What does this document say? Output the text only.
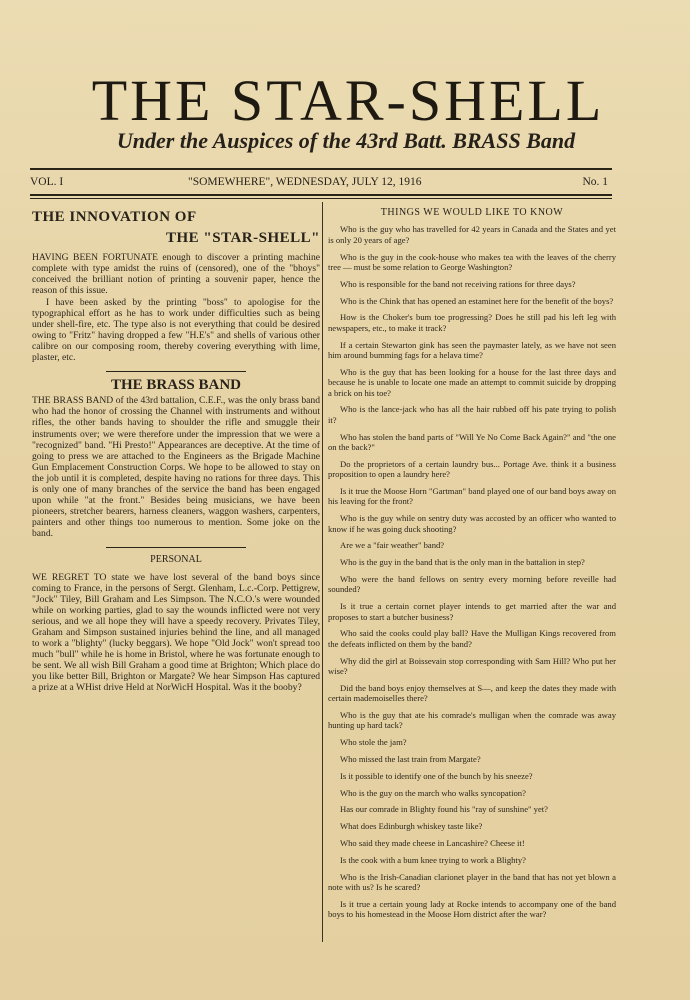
THE STAR-SHELL
Under the Auspices of the 43rd Batt. BRASS Band
VOL. I	"SOMEWHERE", WEDNESDAY, JULY 12, 1916	No. 1
THE INNOVATION OF
THE "STAR-SHELL"

HAVING BEEN FORTUNATE enough to discover a printing machine complete with type amidst the ruins of (censored), one of the "bhoys" conceived the brilliant notion of printing a souvenir paper, hence the reason of this issue.

I have been asked by the printing "boss" to apologise for the typographical effort as he has to work under difficulties such as being under shell-fire, etc. The type also is not everything that could be desired owing to "Fritz" having dropped a few "H.E's" and shells of various other calibre on our composing room, thereby covering everything with lime, plaster, etc.

THE BRASS BAND

THE BRASS BAND of the 43rd battalion, C.E.F., was the only brass band who had the honor of crossing the Channel with instruments and without rifles, the other bands having to shoulder the rifle and smuggle their instruments over; we were therefore under the impression that we were a "recognized" band. "Hi Presto!" Appearances are deceptive. At the time of going to press we are attached to the Engineers as the Brigade Machine Gun Emplacement Construction Corps. We hope to be allowed to stay on the job until it is completed, despite having no rations for three days. This is only one of many branches of the service the band has been engaged upon while "at the front." Besides being musicians, we have been pioneers, stretcher bearers, harness cleaners, waggon washers, carpenters, painters and other things too numerous to mention. Some joke on the band.

PERSONAL

WE REGRET TO state we have lost several of the band boys since coming to France, in the persons of Sergt. Glenham, L.c.-Corp. Pettigrew, "Jock" Tiley, Bill Graham and Les Simpson. The N.C.O.'s were wounded while on working parties, glad to say the wounds inflicted were not very serious, and we all hope they will have a speedy recovery. Privates Tiley, Graham and Simpson sustained injuries behind the line, and all managed to work a "blighty" (lucky beggars). We hope "Old Jock" won't spread too much "bull" while he is home in Bristol, where he was fortunate enough to be sent. We all wish Bill Graham a good time at Brighton; Which place do you like better Bill, Brighton or Margate? We hear Simpson Has captured a prize at a WHist drive Held at NorWicH Hospital. Was it the booby?

THINGS WE WOULD LIKE TO KNOW

Who is the guy who has travelled for 42 years in Canada and the States and yet is only 20 years of age?

Who is the guy in the cook-house who makes tea with the leaves of the cherry tree — must be some relation to George Washington?

Who is responsible for the band not receiving rations for three days?

Who is the Chink that has opened an estaminet here for the benefit of the boys?

How is the Choker's bum toe progressing? Does he still pad his left leg with newspapers, etc., to make it track?

If a certain Stewarton gink has seen the paymaster lately, as we have not seen him around bumming fags for a helava time?

Who is the guy that has been looking for a house for the last three days and because he is unable to locate one made an attempt to commit suicide by dropping a brick on his toe?

Who is the lance-jack who has all the hair rubbed off his pate trying to polish it?

Who has stolen the band parts of "Will Ye No Come Back Again?" and "the one on the back?"

Do the proprietors of a certain laundry bus... Portage Ave. think it a business proposition to open a laundry here?

Is it true the Moose Horn "Gartman" band played one of our band boys away on his leaving for the front?

Who is the guy while on sentry duty was accosted by an officer who wanted to know if he was going duck shooting?

Are we a "fair weather" band?

Who is the guy in the band that is the only man in the battalion in step?

Who were the band fellows on sentry every morning before reveille had sounded?

Is it true a certain cornet player intends to get married after the war and proposes to start a butcher business?

Who said the cooks could play ball? Have the Mulligan Kings recovered from the defeats inflicted on them by the band?

Why did the girl at Boissevain stop corresponding with Sam Hill? Who put her wise?

Did the band boys enjoy themselves at S—, and keep the dates they made with certain mademoiselles there?

Who is the guy that ate his comrade's mulligan when the comrade was away hunting up hard tack?

Who stole the jam?

Who missed the last train from Margate?

Is it possible to identify one of the bunch by his sneeze?

Who is the guy on the march who walks syncopation?

Has our comrade in Blighty found his "ray of sunshine" yet?

What does Edinburgh whiskey taste like?

Who said they made cheese in Lancashire? Cheese it!

Is the cook with a bum knee trying to work a Blighty?

Who is the Irish-Canadian clarionet player in the band that has not yet blown a note with us? Is he scared?

Is it true a certain young lady at Rocke intends to accompany one of the band boys to his homestead in the Moose Horn district after the war?
